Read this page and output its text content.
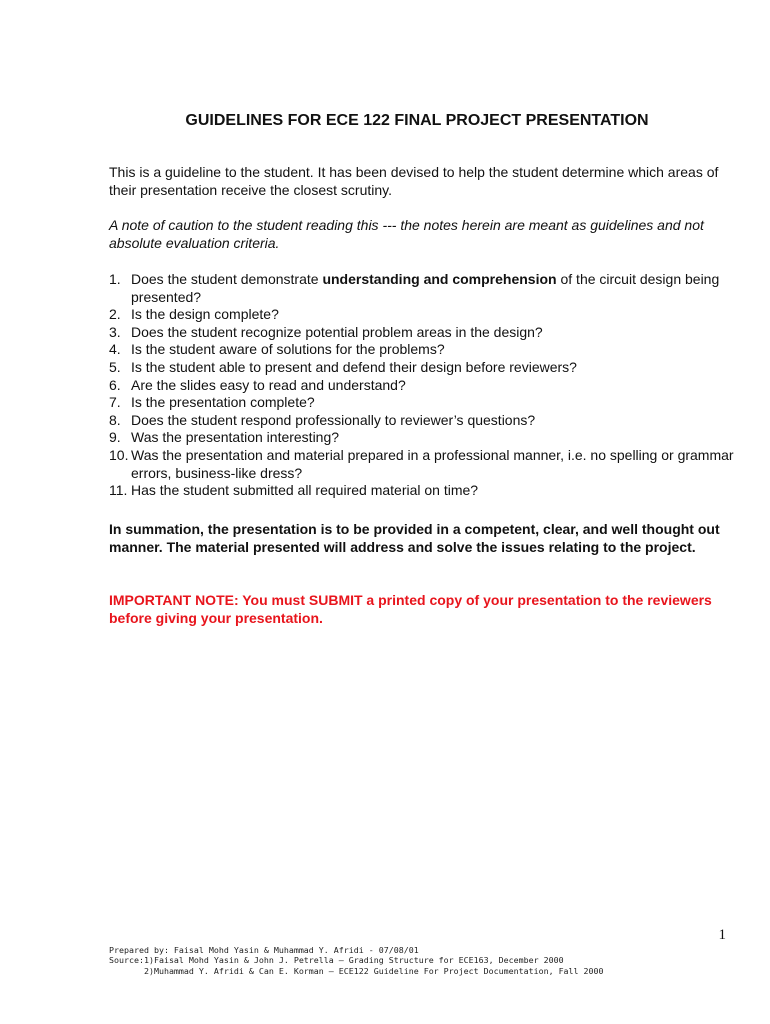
GUIDELINES FOR ECE 122 FINAL PROJECT PRESENTATION

This is a guideline to the student. It has been devised to help the student determine which areas of their presentation receive the closest scrutiny.

A note of caution to the student reading this --- the notes herein are meant as guidelines and not absolute evaluation criteria.

1. Does the student demonstrate understanding and comprehension of the circuit design being presented?
2. Is the design complete?
3. Does the student recognize potential problem areas in the design?
4. Is the student aware of solutions for the problems?
5. Is the student able to present and defend their design before reviewers?
6. Are the slides easy to read and understand?
7. Is the presentation complete?
8. Does the student respond professionally to reviewer’s questions?
9. Was the presentation interesting?
10. Was the presentation and material prepared in a professional manner, i.e. no spelling or grammar errors, business-like dress?
11. Has the student submitted all required material on time?

In summation, the presentation is to be provided in a competent, clear, and well thought out manner. The material presented will address and solve the issues relating to the project.

IMPORTANT NOTE: You must SUBMIT a printed copy of your presentation to the reviewers before giving your presentation.

1
Prepared by: Faisal Mohd Yasin & Muhammad Y. Afridi - 07/08/01
Source:1)Faisal Mohd Yasin & John J. Petrella – Grading Structure for ECE163, December 2000
2)Muhammad Y. Afridi & Can E. Korman – ECE122 Guideline For Project Documentation, Fall 2000
